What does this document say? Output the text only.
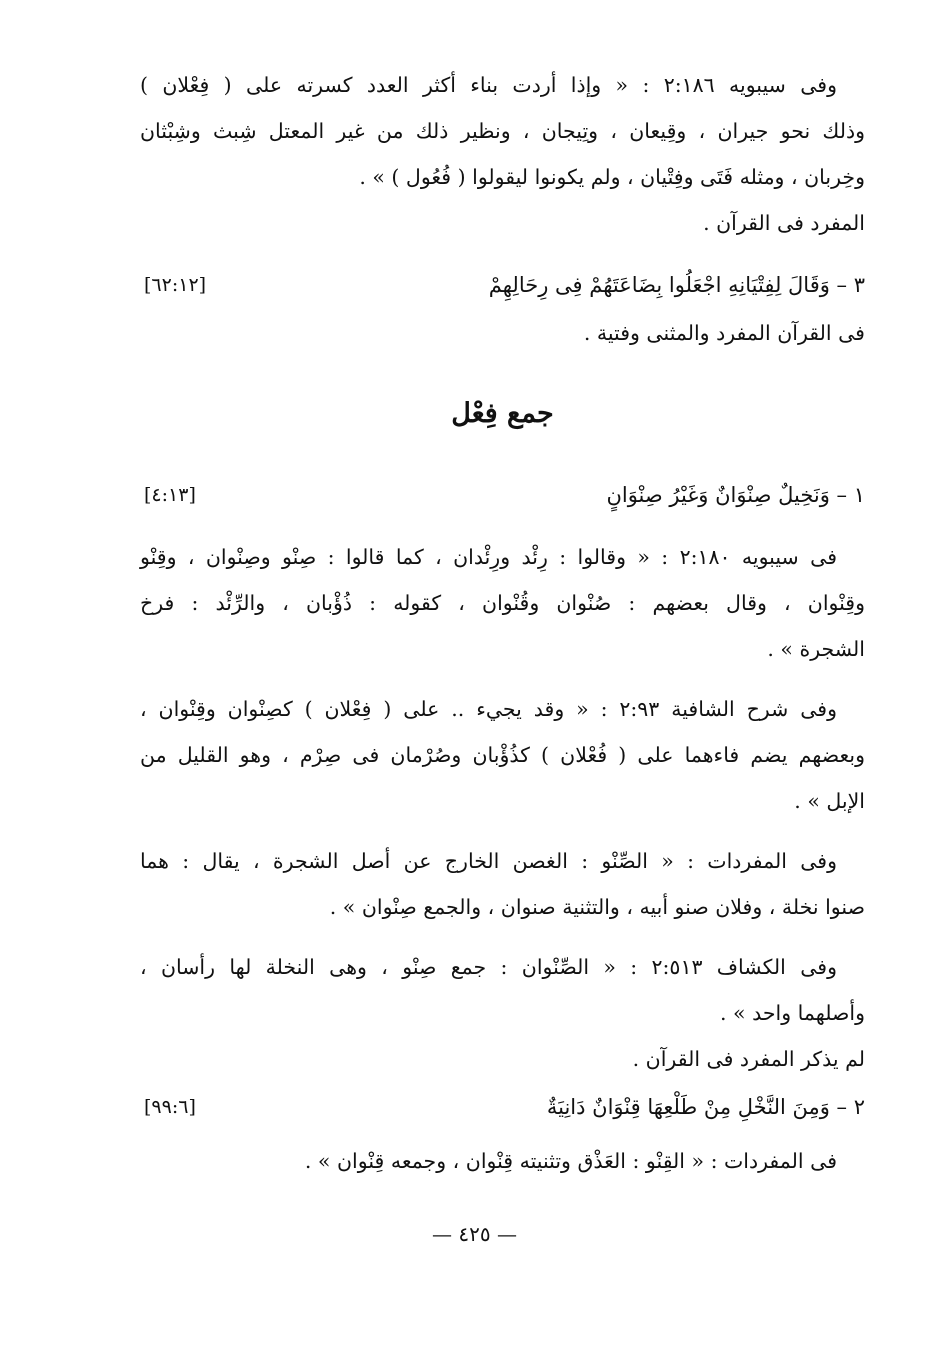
وفى سيبويه ٢:١٨٦ : « وإذا أردت بناء أكثر العدد كسرته على ( فِعْلان )
وذلك نحو جيران ، وقِيعان ، وتِيجان ، ونظير ذلك من غير المعتل شِبث وشِبْثان
وخِربان ، ومثله فَتَى وفِتْيان ، ولم يكونوا ليقولوا ( فُعُول ) » .
المفرد فى القرآن .
٣ – وَقَالَ لِفِتْيَانِهِ اجْعَلُوا بِضَاعَتَهُمْ فِى رِحَالِهِمْ
[٦٢:١٢]
فى القرآن المفرد والمثنى وفتية .
جمع فِعْل
١ – وَنَخِيلٌ صِنْوَانٌ وَغَيْرُ صِنْوَانٍ
[٤:١٣]
فى سيبويه ٢:١٨٠ : « وقالوا : رِئْد ورِئْدان ، كما قالوا : صِنْو وصِنْوان ، وقِنْو
وقِنْوان ، وقال بعضهم : صُنْوان وقُنْوان ، كقوله : ذُؤْبان ، والرِّئْد : فرخ
الشجرة » .
وفى شرح الشافية ٢:٩٣ : « وقد يجيء .. على ( فِعْلان ) كصِنْوان وقِنْوان ،
وبعضهم يضم فاءهما على ( فُعْلان ) كذُؤْبان وصُرْمان فى صِرْم ، وهو القليل من
الإبل » .
وفى المفردات : « الصِّنْو : الغصن الخارج عن أصل الشجرة ، يقال : هما
صنوا نخلة ، وفلان صنو أبيه ، والتثنية صنوان ، والجمع صِنْوان » .
وفى الكشاف ٢:٥١٣ : « الصِّنْوان : جمع صِنْو ، وهى النخلة لها رأسان ،
وأصلهما واحد » .
لم يذكر المفرد فى القرآن .
٢ – وَمِنَ النَّخْلِ مِنْ طَلْعِهَا قِنْوَانٌ دَانِيَةٌ
[٩٩:٦]
فى المفردات : « القِنْو : العَذْق وتثنيته قِنْوان ، وجمعه قِنْوان » .
— ٤٢٥ —
